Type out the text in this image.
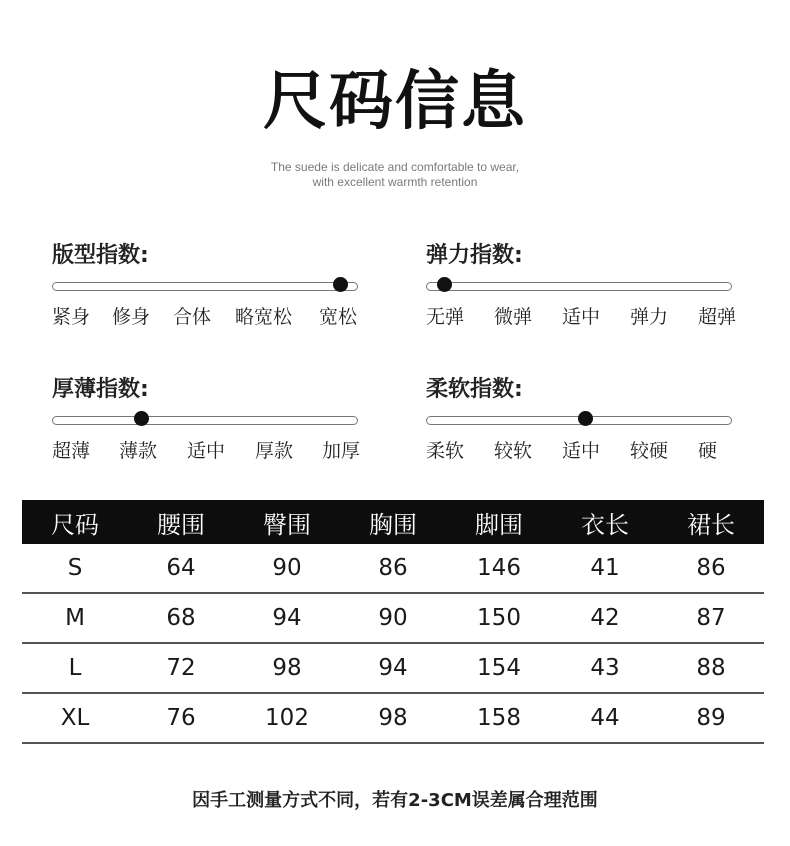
尺码信息
The suede is delicate and comfortable to wear,
with excellent warmth retention
版型指数:
紧身 修身 合体 略宽松 宽松
弹力指数:
无弹 微弹 适中 弹力 超弹
厚薄指数:
超薄 薄款 适中 厚款 加厚
柔软指数:
柔软 较软 适中 较硬 硬
尺码	腰围	臀围	胸围	脚围	衣长	裙长
S	64	90	86	146	41	86
M	68	94	90	150	42	87
L	72	98	94	154	43	88
XL	76	102	98	158	44	89
因手工测量方式不同，若有2-3CM误差属合理范围
